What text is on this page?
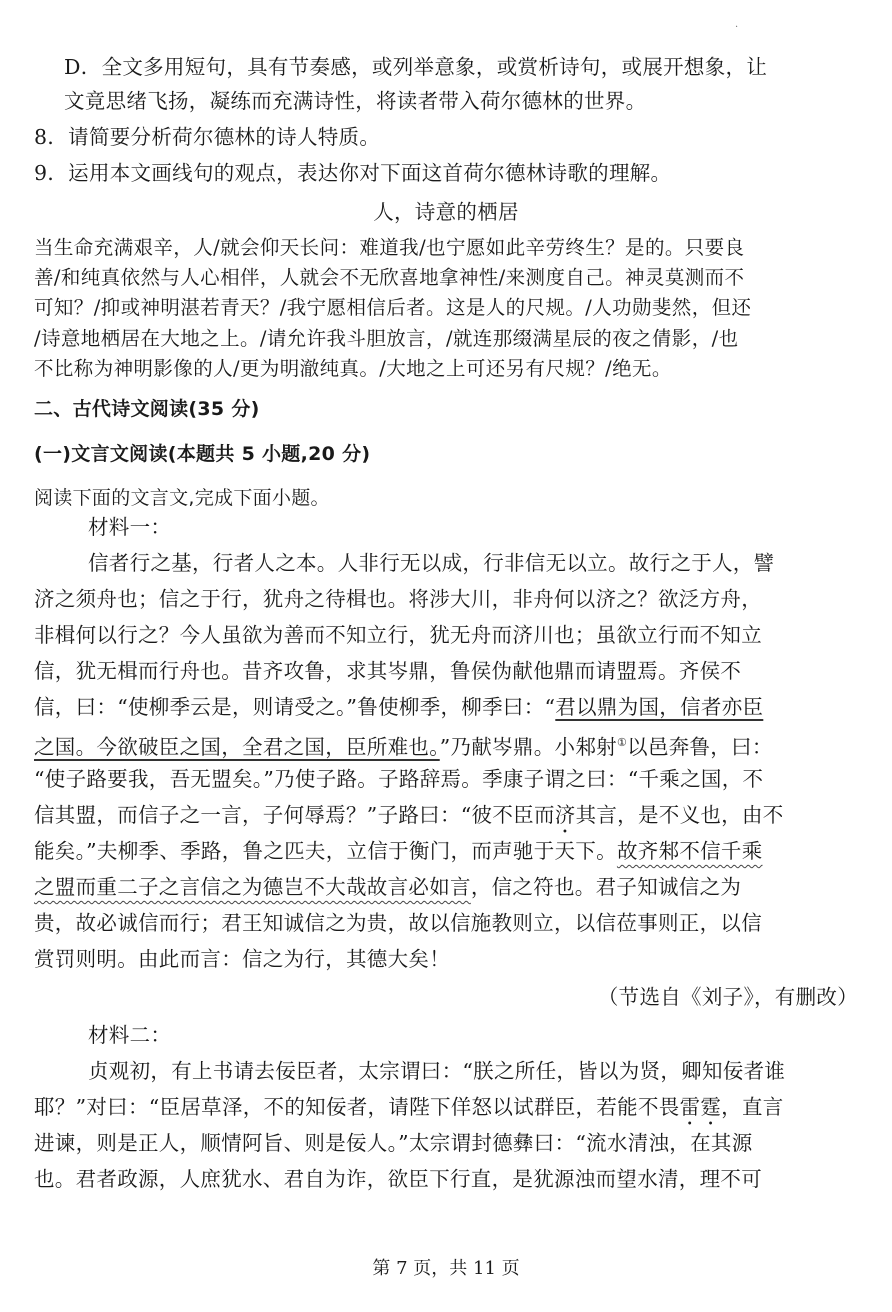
·
D．全文多用短句，具有节奏感，或列举意象，或赏析诗句，或展开想象，让
文竟思绪飞扬，凝练而充满诗性，将读者带入荷尔德林的世界。
8．请简要分析荷尔德林的诗人特质。
9．运用本文画线句的观点，表达你对下面这首荷尔德林诗歌的理解。
人，诗意的栖居
当生命充满艰辛，人/就会仰天长问：难道我/也宁愿如此辛劳终生？是的。只要良
善/和纯真依然与人心相伴，人就会不无欣喜地拿神性/来测度自己。神灵莫测而不
可知？/抑或神明湛若青天？/我宁愿相信后者。这是人的尺规。/人功勋斐然，但还
/诗意地栖居在大地之上。/请允许我斗胆放言，/就连那缀满星辰的夜之倩影，/也
不比称为神明影像的人/更为明澈纯真。/大地之上可还另有尺规？/绝无。
二、古代诗文阅读(35 分)
(一)文言文阅读(本题共 5 小题,20 分)
阅读下面的文言文,完成下面小题。
材料一：
信者行之基，行者人之本。人非行无以成，行非信无以立。故行之于人，譬
济之须舟也；信之于行，犹舟之待楫也。将涉大川，非舟何以济之？欲泛方舟，
非楫何以行之？今人虽欲为善而不知立行，犹无舟而济川也；虽欲立行而不知立
信，犹无楫而行舟也。昔齐攻鲁，求其岑鼎，鲁侯伪献他鼎而请盟焉。齐侯不
信，曰：“使柳季云是，则请受之。”鲁使柳季，柳季曰：“君以鼎为国，信者亦臣
之国。今欲破臣之国，全君之国，臣所难也。”乃献岑鼎。小邾射①以邑奔鲁，曰：
“使子路要我，吾无盟矣。”乃使子路。子路辞焉。季康子谓之曰：“千乘之国，不
信其盟，而信子之一言，子何辱焉？”子路曰：“彼不臣而济其言，是不义也，由不
能矣。”夫柳季、季路，鲁之匹夫，立信于衡门，而声驰于天下。故齐邾不信千乘
之盟而重二子之言信之为德岂不大哉故言必如言，信之符也。君子知诚信之为
贵，故必诚信而行；君王知诚信之为贵，故以信施教则立，以信莅事则正，以信
赏罚则明。由此而言：信之为行，其德大矣！
（节选自《刘子》，有删改）
材料二：
贞观初，有上书请去佞臣者，太宗谓曰：“朕之所任，皆以为贤，卿知佞者谁
耶？”对曰：“臣居草泽，不的知佞者，请陛下佯怒以试群臣，若能不畏雷霆，直言
进谏，则是正人，顺情阿旨、则是佞人。”太宗谓封德彝曰：“流水清浊，在其源
也。君者政源，人庶犹水、君自为诈，欲臣下行直，是犹源浊而望水清，理不可
第 7 页，共 11 页
